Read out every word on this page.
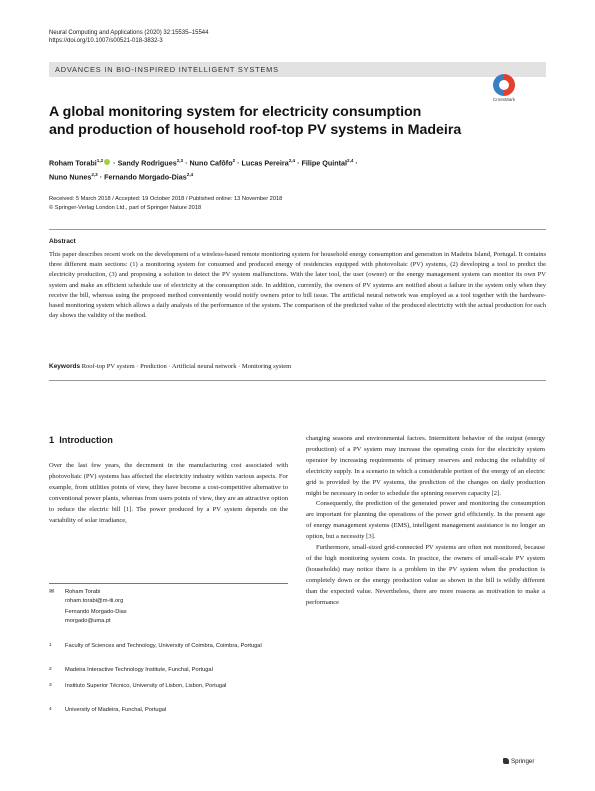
Neural Computing and Applications (2020) 32:15535–15544
https://doi.org/10.1007/s00521-018-3832-3
ADVANCES IN BIO-INSPIRED INTELLIGENT SYSTEMS
CrossMark
A global monitoring system for electricity consumption
and production of household roof-top PV systems in Madeira
Roham Torabi$^{1,2}$ · Sandy Rodrigues$^{2,3}$ · Nuno Cafôfo$^2$ · Lucas Pereira$^{2,4}$ · Filipe Quintal$^{2,4}$ ·
Nuno Nunes$^{2,3}$ · Fernando Morgado-Dias$^{2,4}$
Received: 5 March 2018 / Accepted: 19 October 2018 / Published online: 13 November 2018
© Springer-Verlag London Ltd., part of Springer Nature 2018
Abstract
This paper describes recent work on the development of a wireless-based remote monitoring system for household energy consumption and generation in Madeira Island, Portugal. It contains three different main sections: (1) a monitoring system for consumed and produced energy of residencies equipped with photovoltaic (PV) systems, (2) developing a tool to predict the electricity production, (3) and proposing a solution to detect the PV system malfunctions. With the later tool, the user (owner) or the energy management system can monitor its own PV system and make an efficient schedule use of electricity at the consumption side. In addition, currently, the owners of PV systems are notified about a failure in the system only when they receive the bill, whereas using the proposed method conveniently would notify owners prior to bill issue. The artificial neural network was employed as a tool together with the hardware-based monitoring system which allows a daily analysis of the performance of the system. The comparison of the predicted value of the produced electricity with the actual production for each day shows the validity of the method.
Keywords Roof-top PV system · Prediction · Artificial neural network · Monitoring system
1 Introduction

Over the last few years, the decrement in the manufacturing cost associated with photovoltaic (PV) systems has affected the electricity industry within various aspects. For example, from utilities points of view, they have become a cost-competitive alternative to conventional power plants, whereas from users points of view, they are an attractive option to reduce the electric bill [1]. The power produced by a PV system depends on the variability of solar irradiance,

✉ Roham Torabi
roham.torabi@m-iti.org
Fernando Morgado-Dias
morgado@uma.pt
1 Faculty of Sciences and Technology, University of Coimbra, Coimbra, Portugal
2 Madeira Interactive Technology Institute, Funchal, Portugal
3 Instituto Superior Técnico, University of Lisbon, Lisbon, Portugal
4 University of Madeira, Funchal, Portugal

changing seasons and environmental factors. Intermittent behavior of the output (energy production) of a PV system may increase the operating costs for the electricity system operator by increasing requirements of primary reserves and reducing the reliability of electricity supply. In a scenario in which a considerable portion of the energy of an electric grid is provided by the PV systems, the prediction of the changes on daily production might be necessary in order to schedule the spinning reserves capacity [2].

Consequently, the prediction of the generated power and monitoring the consumption are important for planning the operations of the power grid efficiently. In the present age of energy management systems (EMS), intelligent management assistance is no longer an option, but a necessity [3].

Furthermore, small-sized grid-connected PV systems are often not monitored, because of the high monitoring system costs. In practice, the owners of small-scale PV system (households) may notice there is a problem in the PV system when the production is completely down or the energy production value as shown in the bill is wildly different than the expected value. Nevertheless, there are more reasons as motivation to make a performance

Springer
